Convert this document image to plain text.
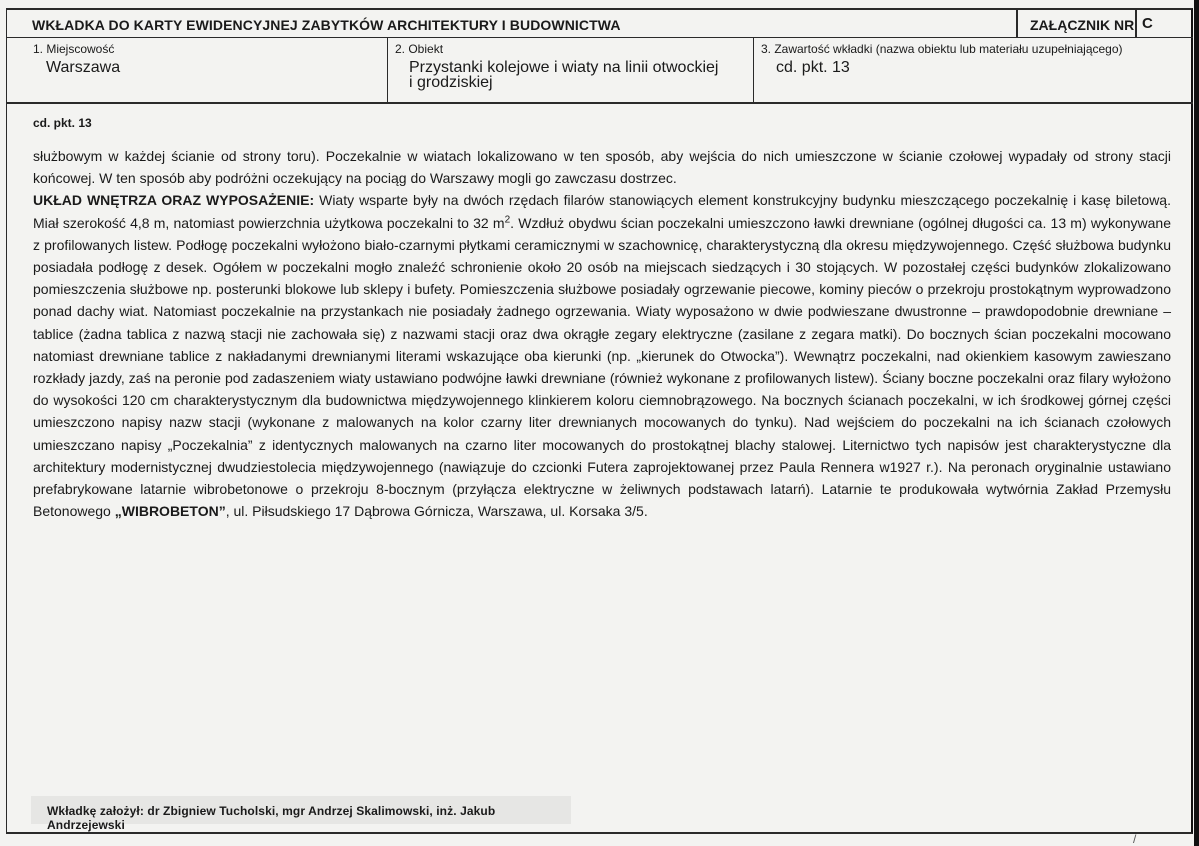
WKŁADKA DO KARTY EWIDENCYJNEJ ZABYTKÓW ARCHITEKTURY I BUDOWNICTWA	ZAŁĄCZNIK NR C
1. Miejscowość
Warszawa
2. Obiekt
Przystanki kolejowe i wiaty na linii otwockiej
i grodziskiej
3. Zawartość wkładki (nazwa obiektu lub materiału uzupełniającego)
cd. pkt. 13
cd. pkt. 13

służbowym w każdej ścianie od strony toru). Poczekalnie w wiatach lokalizowano w ten sposób, aby wejścia do nich umieszczone w ścianie czołowej wypadały od strony stacji końcowej. W ten sposób aby podróżni oczekujący na pociąg do Warszawy mogli go zawczasu dostrzec.

UKŁAD WNĘTRZA ORAZ WYPOSAŻENIE: Wiaty wsparte były na dwóch rzędach filarów stanowiących element konstrukcyjny budynku mieszczącego poczekalnię i kasę biletową. Miał szerokość 4,8 m, natomiast powierzchnia użytkowa poczekalni to 32 $m^2$. Wzdłuż obydwu ścian poczekalni umieszczono ławki drewniane (ogólnej długości ca. 13 m) wykonywane z profilowanych listew. Podłogę poczekalni wyłożono biało-czarnymi płytkami ceramicznymi w szachownicę, charakterystyczną dla okresu międzywojennego. Część służbowa budynku posiadała podłogę z desek. Ogółem w poczekalni mogło znaleźć schronienie około 20 osób na miejscach siedzących i 30 stojących. W pozostałej części budynków zlokalizowano pomieszczenia służbowe np. posterunki blokowe lub sklepy i bufety. Pomieszczenia służbowe posiadały ogrzewanie piecowe, kominy pieców o przekroju prostokątnym wyprowadzono ponad dachy wiat. Natomiast poczekalnie na przystankach nie posiadały żadnego ogrzewania. Wiaty wyposażono w dwie podwieszane dwustronne – prawdopodobnie drewniane – tablice (żadna tablica z nazwą stacji nie zachowała się) z nazwami stacji oraz dwa okrągłe zegary elektryczne (zasilane z zegara matki). Do bocznych ścian poczekalni mocowano natomiast drewniane tablice z nakładanymi drewnianymi literami wskazujące oba kierunki (np. „kierunek do Otwocka”). Wewnątrz poczekalni, nad okienkiem kasowym zawieszano rozkłady jazdy, zaś na peronie pod zadaszeniem wiaty ustawiano podwójne ławki drewniane (również wykonane z profilowanych listew). Ściany boczne poczekalni oraz filary wyłożono do wysokości 120 cm charakterystycznym dla budownictwa międzywojennego klinkierem koloru ciemnobrązowego. Na bocznych ścianach poczekalni, w ich środkowej górnej części umieszczono napisy nazw stacji (wykonane z malowanych na kolor czarny liter drewnianych mocowanych do tynku). Nad wejściem do poczekalni na ich ścianach czołowych umieszczano napisy „Poczekalnia” z identycznych malowanych na czarno liter mocowanych do prostokątnej blachy stalowej. Liternictwo tych napisów jest charakterystyczne dla architektury modernistycznej dwudziestolecia międzywojennego (nawiązuje do czcionki Futera zaprojektowanej przez Paula Rennera w1927 r.). Na peronach oryginalnie ustawiano prefabrykowane latarnie wibrobetonowe o przekroju 8-bocznym (przyłącza elektryczne w żeliwnych podstawach latarń). Latarnie te produkowała wytwórnia Zakład Przemysłu Betonowego „WIBROBETON”, ul. Piłsudskiego 17 Dąbrowa Górnicza, Warszawa, ul. Korsaka 3/5.

Wkładkę założył: dr Zbigniew Tucholski, mgr Andrzej Skalimowski, inż. Jakub Andrzejewski
/
